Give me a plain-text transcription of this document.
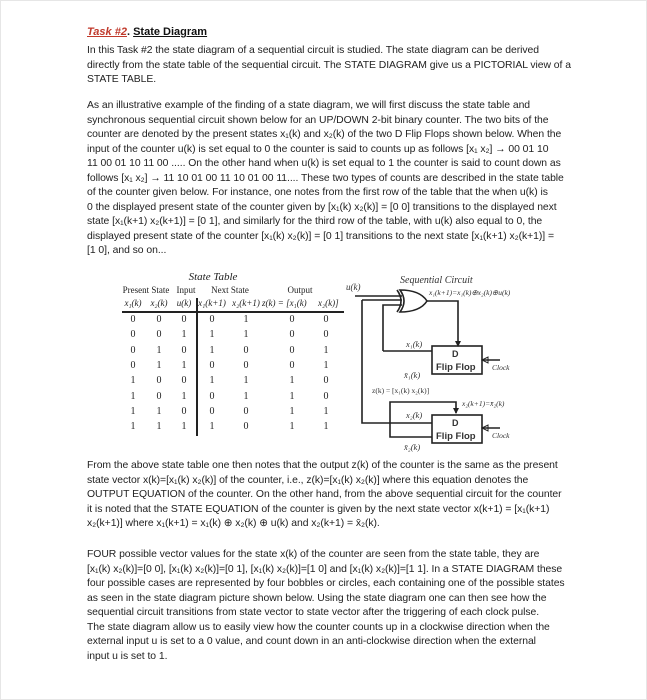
Task #2. State Diagram
In this Task #2 the state diagram of a sequential circuit is studied. The state diagram can be derived
directly from the state table of the sequential circuit. The STATE DIAGRAM give us a PICTORIAL view of a
STATE TABLE.
As an illustrative example of the finding of a state diagram, we will first discuss the state table and
synchronous sequential circuit shown below for an UP/DOWN 2-bit binary counter. The two bits of the
counter are denoted by the present states x₁(k) and x₂(k) of the two D Flip Flops shown below. When the
input of the counter u(k) is set equal to 0 the counter is said to counts up as follows [x₁ x₂] → 00 01 10
11 00 01 10 11 00 ..... On the other hand when u(k) is set equal to 1 the counter is said to count down as
follows [x₁ x₂] → 11 10 01 00 11 10 01 00 11.... These two types of counts are described in the state table
of the counter given below. For instance, one notes from the first row of the table that the when u(k) is
0 the displayed present state of the counter given by [x₁(k) x₂(k)] = [0 0] transitions to the displayed next
state [x₁(k+1) x₂(k+1)] = [0 1], and similarly for the third row of the table, with u(k) also equal to 0, the
displayed present state of the counter [x₁(k) x₂(k)] = [0 1] transitions to the next state [x₁(k+1) x₂(k+1)] =
[1 0], and so on...
From the above state table one then notes that the output z(k) of the counter is the same as the present
state vector x(k)=[x₁(k) x₂(k)] of the counter, i.e., z(k)=[x₁(k) x₂(k)] where this equation denotes the
OUTPUT EQUATION of the counter. On the other hand, from the above sequential circuit for the counter
it is noted that the STATE EQUATION of the counter is given by the next state vector x(k+1) = [x₁(k+1)
x₂(k+1)] where x₁(k+1) = x₁(k) ⊕ x₂(k) ⊕ u(k) and x₂(k+1) = x̄₂(k).
FOUR possible vector values for the state x(k) of the counter are seen from the state table, they are
[x₁(k) x₂(k)]=[0 0], [x₁(k) x₂(k)]=[0 1], [x₁(k) x₂(k)]=[1 0] and [x₁(k) x₂(k)]=[1 1]. In a STATE DIAGRAM these
four possible cases are represented by four bobbles or circles, each containing one of the possible states
as seen in the state diagram picture shown below. Using the state diagram one can then see how the
sequential circuit transitions from state vector to state vector after the triggering of each clock pulse.
The state diagram allow us to easily view how the counter counts up in a clockwise direction when the
external input u is set to a 0 value, and count down in an anti-clockwise direction when the external
input u is set to 1.
State Table
Present State Input Next State	Output
x₁(k) x₂(k) u(k) x₁(k+1) x₂(k+1) z(k) = [x₁(k) x₂(k)]
0 0 0 0	1	0	0
0 0 1 1	1	0	0
0 1 0 1	0	0	1
0 1 1 0	0	0	1
1 0 0 1	1	1	0
1 0 1 0	1	1	0
1 1 0 0	0	1	1
1 1 1 1	0	1	1
Sequential Circuit
u(k)
x₁(k+1)=x₁(k)⊕x₂(k)⊕u(k)
x₁(k)
x̄₁(k)
D
Flip Flop Clock
z(k) = [x₁(k) x₂(k)]
x₂(k+1)=x̄₂(k)
x₂(k)
x̄₂(k)
D
Flip Flop Clock
